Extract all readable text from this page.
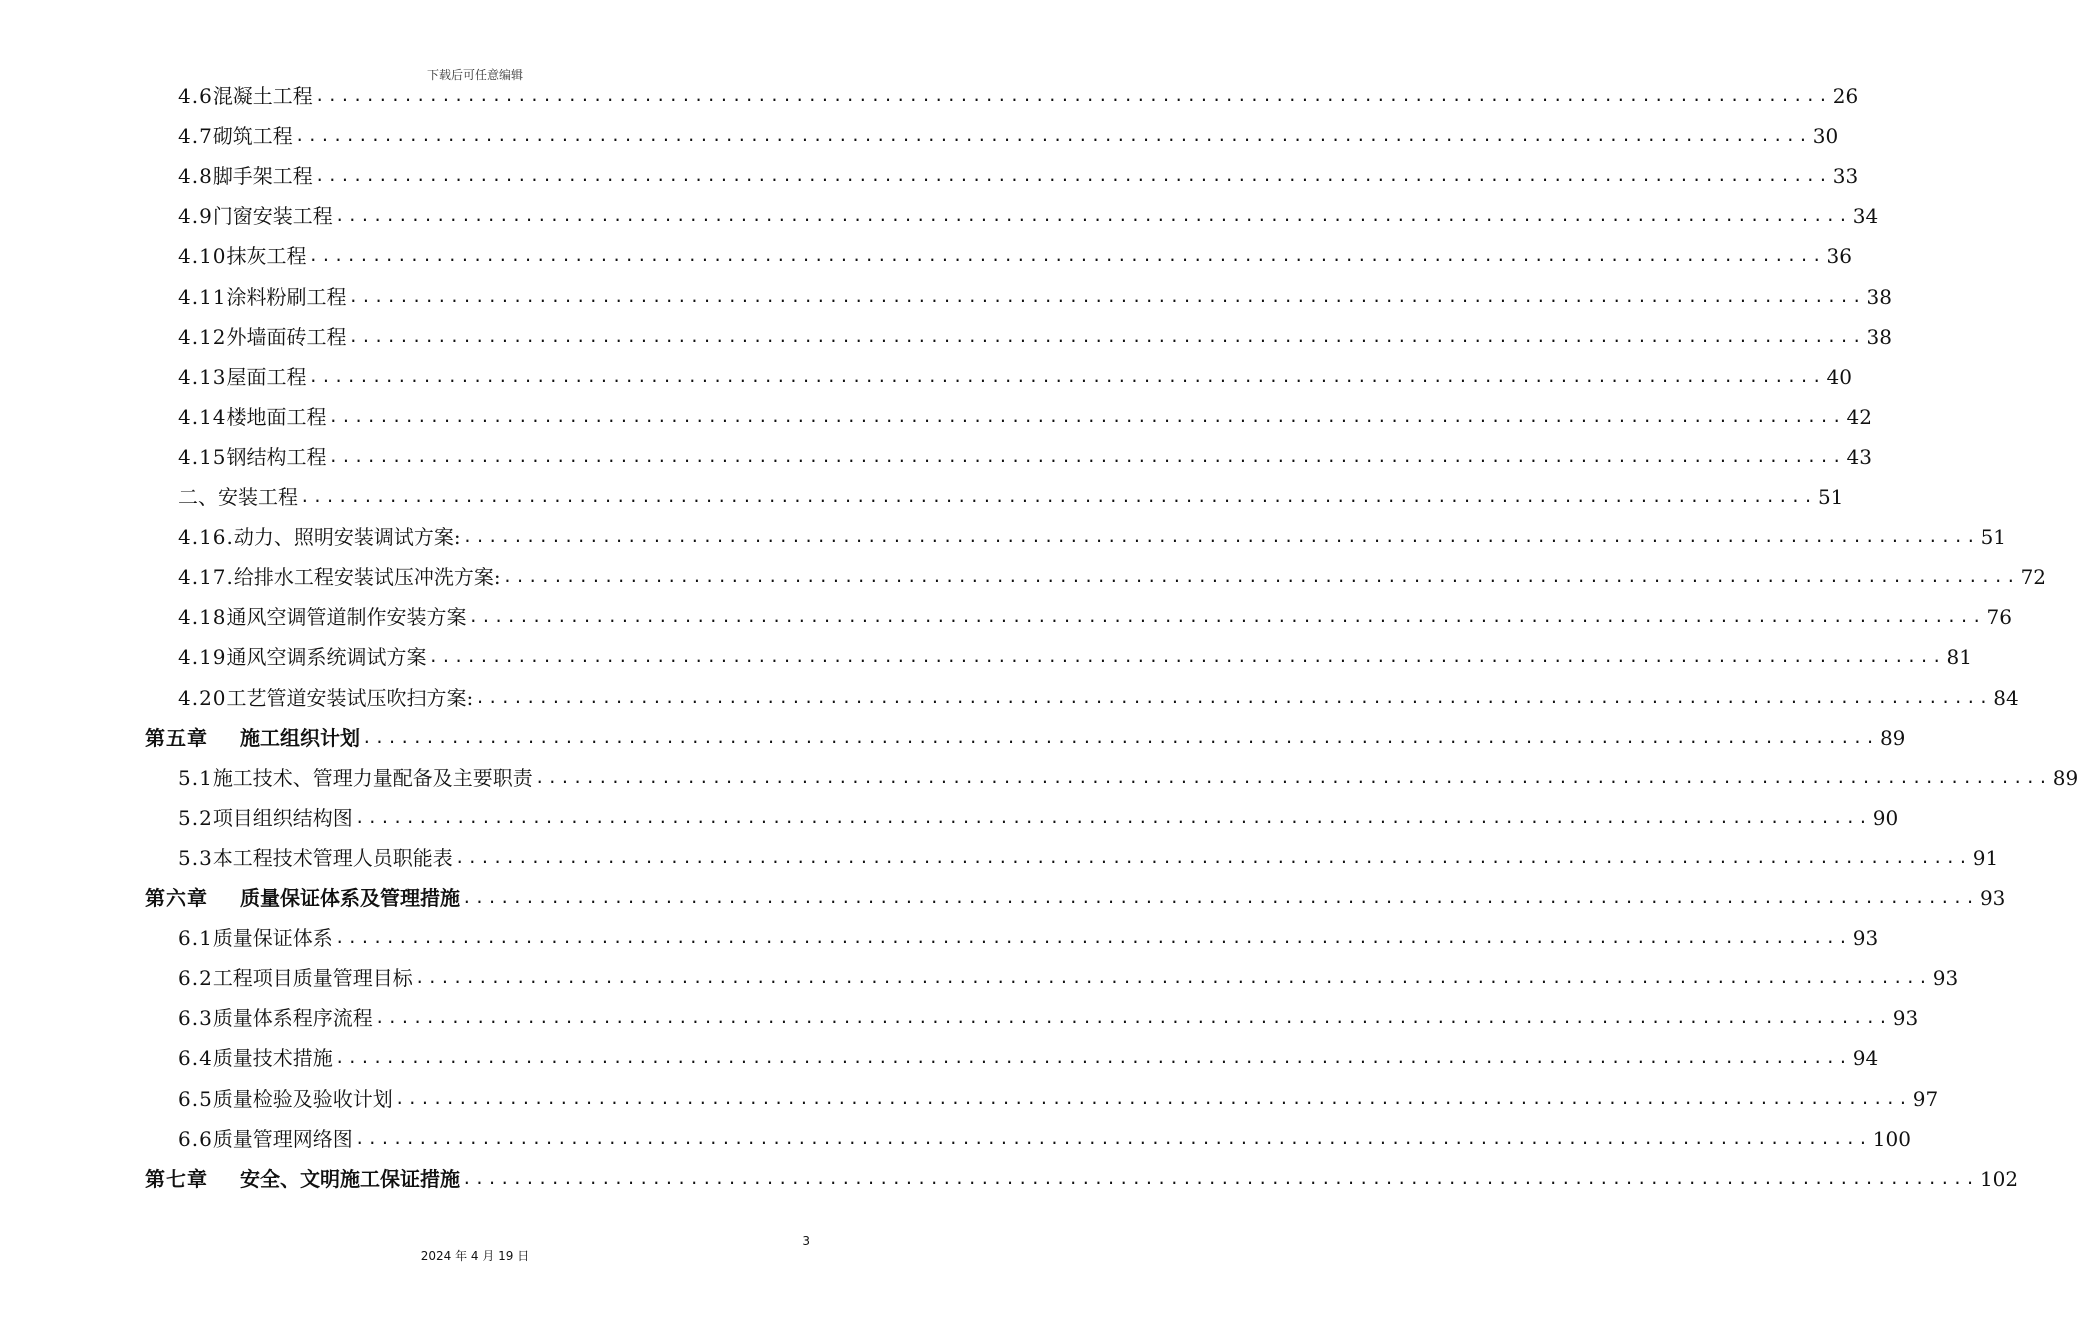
下载后可任意编辑
4.6 混凝土工程 ........................................................................................................................ 26
4.7 砌筑工程 ........................................................................................................................ 30
4.8 脚手架工程 ........................................................................................................................ 33
4.9 门窗安装工程 ........................................................................................................................ 34
4.10 抹灰工程 ........................................................................................................................ 36
4.11 涂料粉刷工程 ........................................................................................................................ 38
4.12 外墙面砖工程 ........................................................................................................................ 38
4.13 屋面工程 ........................................................................................................................ 40
4.14 楼地面工程 ........................................................................................................................ 42
4.15 钢结构工程 ........................................................................................................................ 43
二、安装工程 ........................................................................................................................ 51
4.16. 动力、照明安装调试方案: ........................................................................................................................ 51
4.17. 给排水工程安装试压冲洗方案: ........................................................................................................................ 72
4.18 通风空调管道制作安装方案 ........................................................................................................................ 76
4.19 通风空调系统调试方案 ........................................................................................................................ 81
4.20 工艺管道安装试压吹扫方案: ........................................................................................................................ 84
第五章 施工组织计划 ........................................................................................................................ 89
5.1 施工技术、管理力量配备及主要职责 ........................................................................................................................ 89
5.2 项目组织结构图 ........................................................................................................................ 90
5.3 本工程技术管理人员职能表 ........................................................................................................................ 91
第六章 质量保证体系及管理措施 ........................................................................................................................ 93
6.1 质量保证体系 ........................................................................................................................ 93
6.2 工程项目质量管理目标 ........................................................................................................................ 93
6.3 质量体系程序流程 ........................................................................................................................ 93
6.4 质量技术措施 ........................................................................................................................ 94
6.5 质量检验及验收计划 ........................................................................................................................ 97
6.6 质量管理网络图 ........................................................................................................................ 100
第七章 安全、文明施工保证措施 ........................................................................................................................ 102
3
2024 年 4 月 19 日
